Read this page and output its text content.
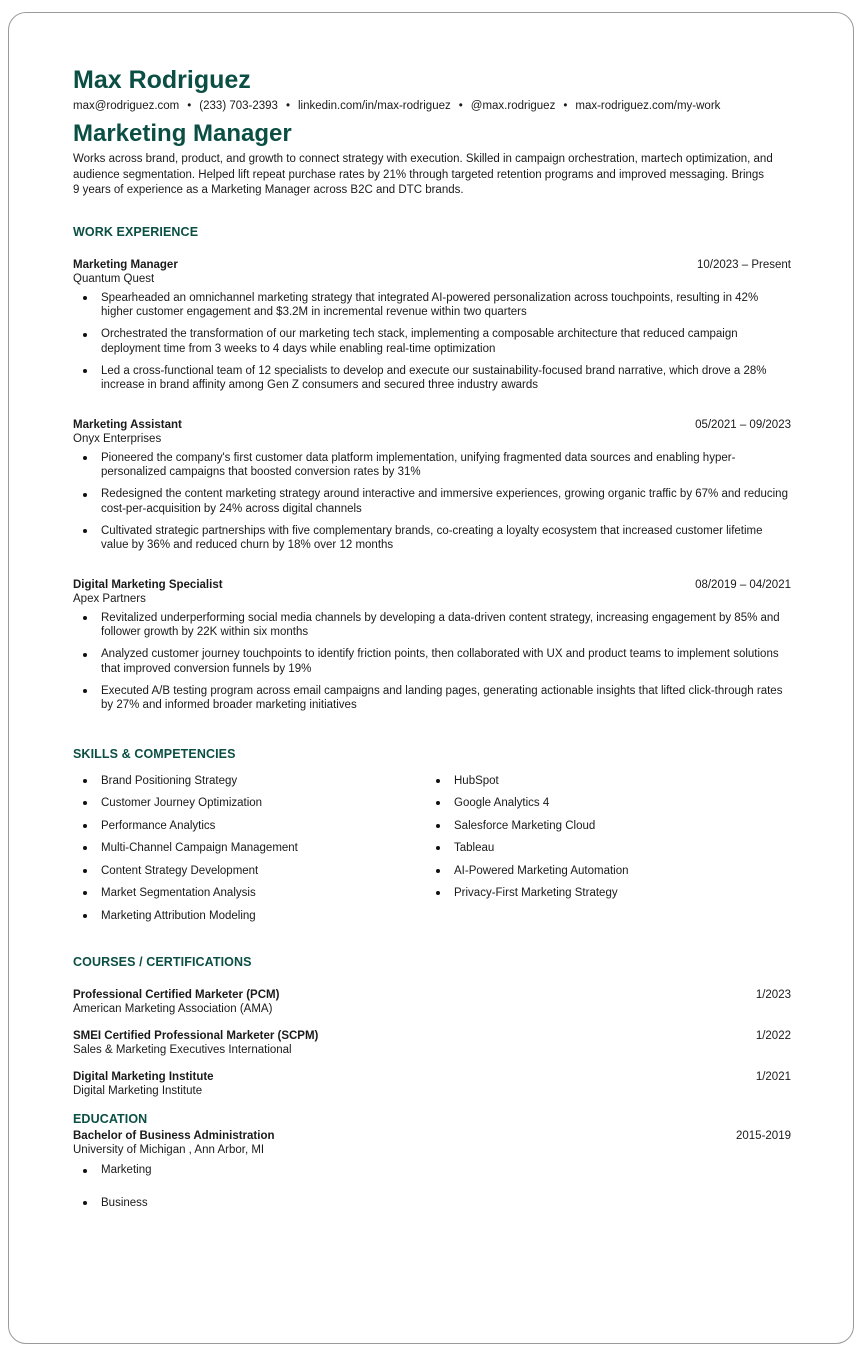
Max Rodriguez
max@rodriguez.com • (233) 703-2393 • linkedin.com/in/max-rodriguez • @max.rodriguez • max-rodriguez.com/my-work
Marketing Manager
Works across brand, product, and growth to connect strategy with execution. Skilled in campaign orchestration, martech optimization, and audience segmentation. Helped lift repeat purchase rates by 21% through targeted retention programs and improved messaging. Brings 9 years of experience as a Marketing Manager across B2C and DTC brands.
WORK EXPERIENCE
Marketing Manager	10/2023 – Present
Quantum Quest
Spearheaded an omnichannel marketing strategy that integrated AI-powered personalization across touchpoints, resulting in 42% higher customer engagement and $3.2M in incremental revenue within two quarters
Orchestrated the transformation of our marketing tech stack, implementing a composable architecture that reduced campaign deployment time from 3 weeks to 4 days while enabling real-time optimization
Led a cross-functional team of 12 specialists to develop and execute our sustainability-focused brand narrative, which drove a 28% increase in brand affinity among Gen Z consumers and secured three industry awards
Marketing Assistant	05/2021 – 09/2023
Onyx Enterprises
Pioneered the company's first customer data platform implementation, unifying fragmented data sources and enabling hyper-personalized campaigns that boosted conversion rates by 31%
Redesigned the content marketing strategy around interactive and immersive experiences, growing organic traffic by 67% and reducing cost-per-acquisition by 24% across digital channels
Cultivated strategic partnerships with five complementary brands, co-creating a loyalty ecosystem that increased customer lifetime value by 36% and reduced churn by 18% over 12 months
Digital Marketing Specialist	08/2019 – 04/2021
Apex Partners
Revitalized underperforming social media channels by developing a data-driven content strategy, increasing engagement by 85% and follower growth by 22K within six months
Analyzed customer journey touchpoints to identify friction points, then collaborated with UX and product teams to implement solutions that improved conversion funnels by 19%
Executed A/B testing program across email campaigns and landing pages, generating actionable insights that lifted click-through rates by 27% and informed broader marketing initiatives
SKILLS & COMPETENCIES
Brand Positioning Strategy
Customer Journey Optimization
Performance Analytics
Multi-Channel Campaign Management
Content Strategy Development
Market Segmentation Analysis
Marketing Attribution Modeling
HubSpot
Google Analytics 4
Salesforce Marketing Cloud
Tableau
AI-Powered Marketing Automation
Privacy-First Marketing Strategy
COURSES / CERTIFICATIONS
Professional Certified Marketer (PCM)	1/2023
American Marketing Association (AMA)
SMEI Certified Professional Marketer (SCPM)	1/2022
Sales & Marketing Executives International
Digital Marketing Institute	1/2021
Digital Marketing Institute
EDUCATION
Bachelor of Business Administration	2015-2019
University of Michigan , Ann Arbor, MI
Marketing
Business
